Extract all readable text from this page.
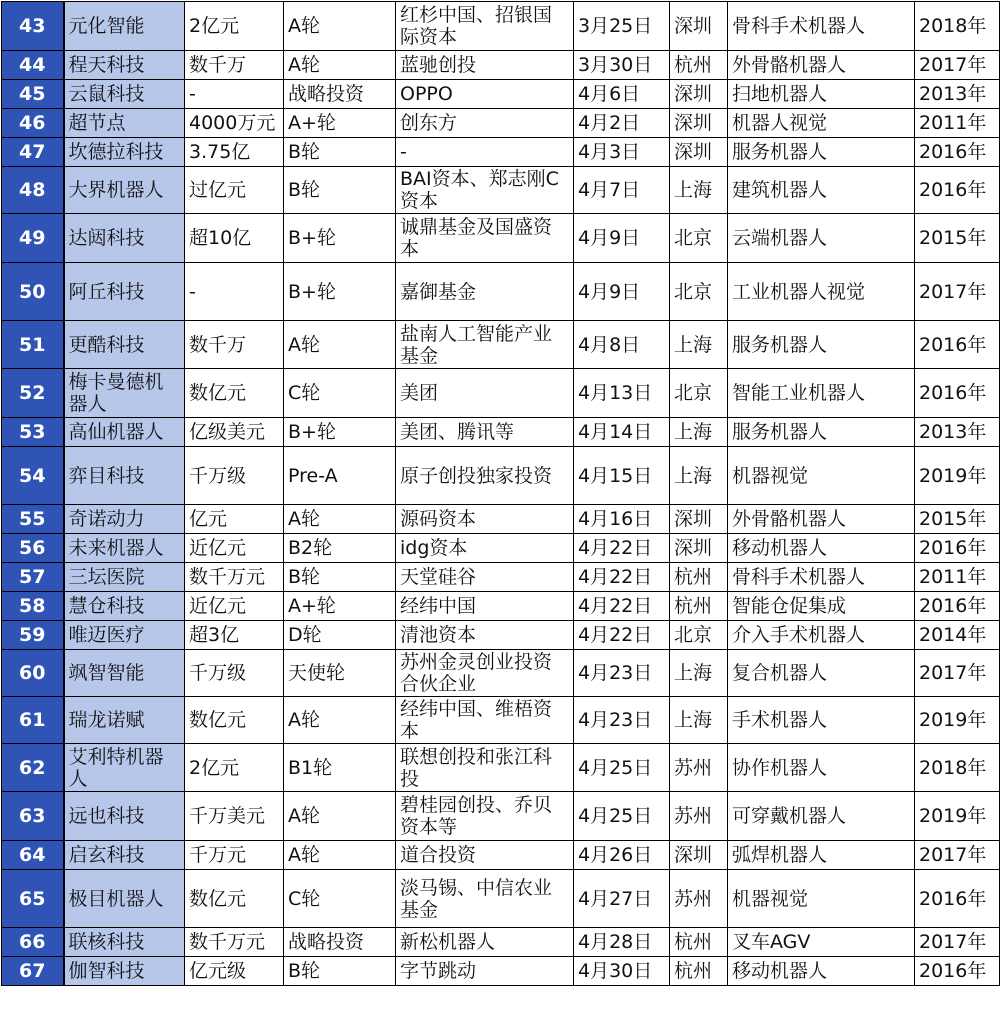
43	元化智能	2亿元	A轮	红杉中国、招银国际资本	3月25日	深圳	骨科手术机器人	2018年
44	程天科技	数千万	A轮	蓝驰创投	3月30日	杭州	外骨骼机器人	2017年
45	云鼠科技	-	战略投资	OPPO	4月6日	深圳	扫地机器人	2013年
46	超节点	4000万元	A+轮	创东方	4月2日	深圳	机器人视觉	2011年
47	坎德拉科技	3.75亿	B轮	-	4月3日	深圳	服务机器人	2016年
48	大界机器人	过亿元	B轮	BAI资本、郑志刚C资本	4月7日	上海	建筑机器人	2016年
49	达闼科技	超10亿	B+轮	诚鼎基金及国盛资本	4月9日	北京	云端机器人	2015年
50	阿丘科技	-	B+轮	嘉御基金	4月9日	北京	工业机器人视觉	2017年
51	更酷科技	数千万	A轮	盐南人工智能产业基金	4月8日	上海	服务机器人	2016年
52	梅卡曼德机器人	数亿元	C轮	美团	4月13日	北京	智能工业机器人	2016年
53	高仙机器人	亿级美元	B+轮	美团、腾讯等	4月14日	上海	服务机器人	2013年
54	弈目科技	千万级	Pre-A	原子创投独家投资	4月15日	上海	机器视觉	2019年
55	奇诺动力	亿元	A轮	源码资本	4月16日	深圳	外骨骼机器人	2015年
56	未来机器人	近亿元	B2轮	idg资本	4月22日	深圳	移动机器人	2016年
57	三坛医院	数千万元	B轮	天堂硅谷	4月22日	杭州	骨科手术机器人	2011年
58	慧仓科技	近亿元	A+轮	经纬中国	4月22日	杭州	智能仓促集成	2016年
59	唯迈医疗	超3亿	D轮	清池资本	4月22日	北京	介入手术机器人	2014年
60	飒智智能	千万级	天使轮	苏州金灵创业投资合伙企业	4月23日	上海	复合机器人	2017年
61	瑞龙诺赋	数亿元	A轮	经纬中国、维梧资本	4月23日	上海	手术机器人	2019年
62	艾利特机器人	2亿元	B1轮	联想创投和张江科投	4月25日	苏州	协作机器人	2018年
63	远也科技	千万美元	A轮	碧桂园创投、乔贝资本等	4月25日	苏州	可穿戴机器人	2019年
64	启玄科技	千万元	A轮	道合投资	4月26日	深圳	弧焊机器人	2017年
65	极目机器人	数亿元	C轮	淡马锡、中信农业基金	4月27日	苏州	机器视觉	2016年
66	联核科技	数千万元	战略投资	新松机器人	4月28日	杭州	叉车AGV	2017年
67	伽智科技	亿元级	B轮	字节跳动	4月30日	杭州	移动机器人	2016年
